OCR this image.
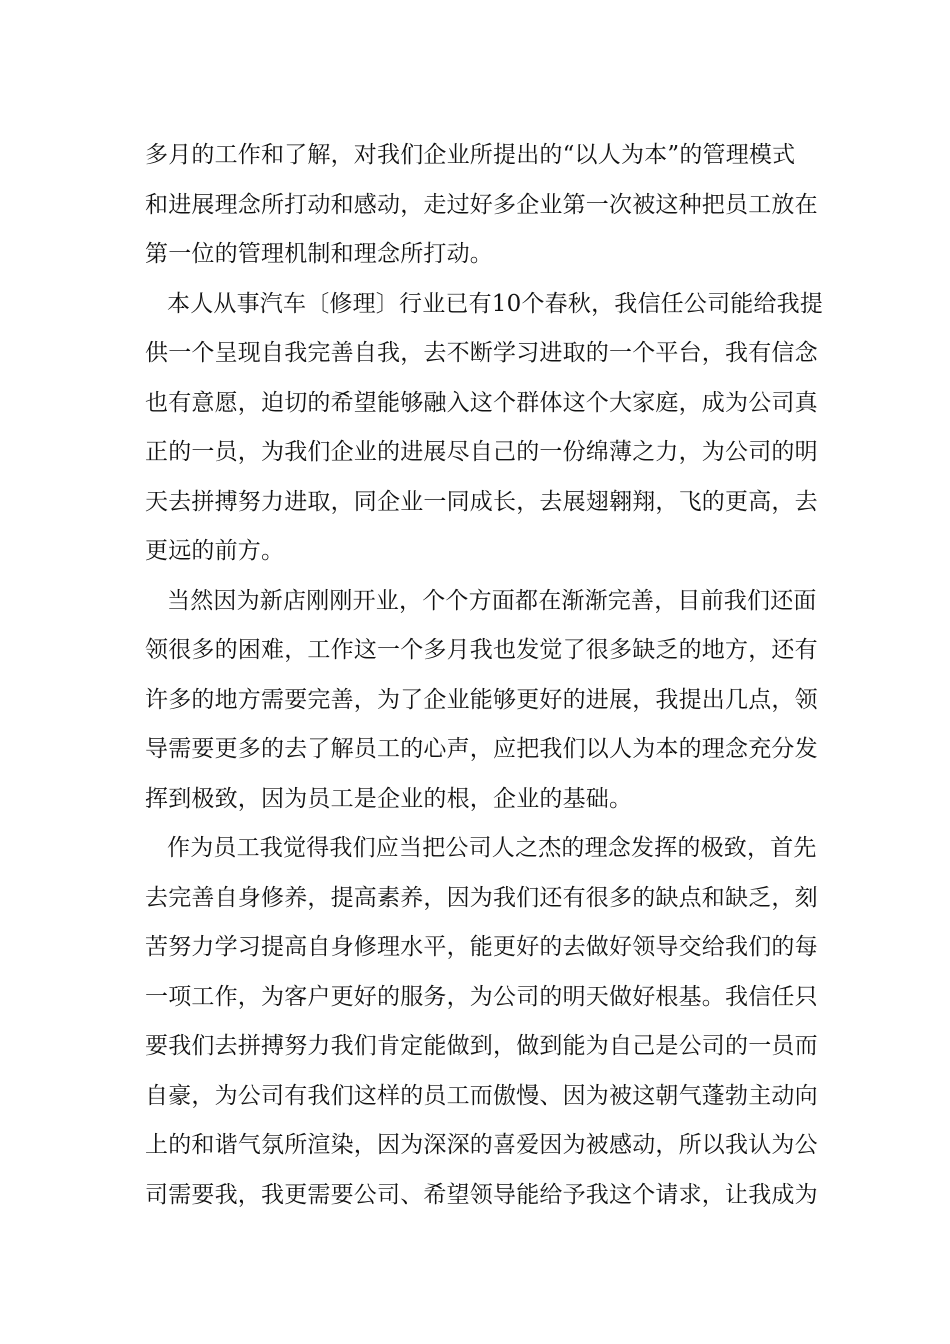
多月的工作和了解，对我们企业所提出的“以人为本”的管理模式
和进展理念所打动和感动，走过好多企业第一次被这种把员工放在
第一位的管理机制和理念所打动。
本人从事汽车〔修理〕行业已有10个春秋，我信任公司能给我提
供一个呈现自我完善自我，去不断学习进取的一个平台，我有信念
也有意愿，迫切的希望能够融入这个群体这个大家庭，成为公司真
正的一员，为我们企业的进展尽自己的一份绵薄之力，为公司的明
天去拼搏努力进取，同企业一同成长，去展翅翱翔，飞的更高，去
更远的前方。
当然因为新店刚刚开业，个个方面都在渐渐完善，目前我们还面
领很多的困难，工作这一个多月我也发觉了很多缺乏的地方，还有
许多的地方需要完善，为了企业能够更好的进展，我提出几点，领
导需要更多的去了解员工的心声，应把我们以人为本的理念充分发
挥到极致，因为员工是企业的根，企业的基础。
作为员工我觉得我们应当把公司人之杰的理念发挥的极致，首先
去完善自身修养，提高素养，因为我们还有很多的缺点和缺乏，刻
苦努力学习提高自身修理水平，能更好的去做好领导交给我们的每
一项工作，为客户更好的服务，为公司的明天做好根基。我信任只
要我们去拼搏努力我们肯定能做到，做到能为自己是公司的一员而
自豪，为公司有我们这样的员工而傲慢、因为被这朝气蓬勃主动向
上的和谐气氛所渲染，因为深深的喜爱因为被感动，所以我认为公
司需要我，我更需要公司、希望领导能给予我这个请求，让我成为
